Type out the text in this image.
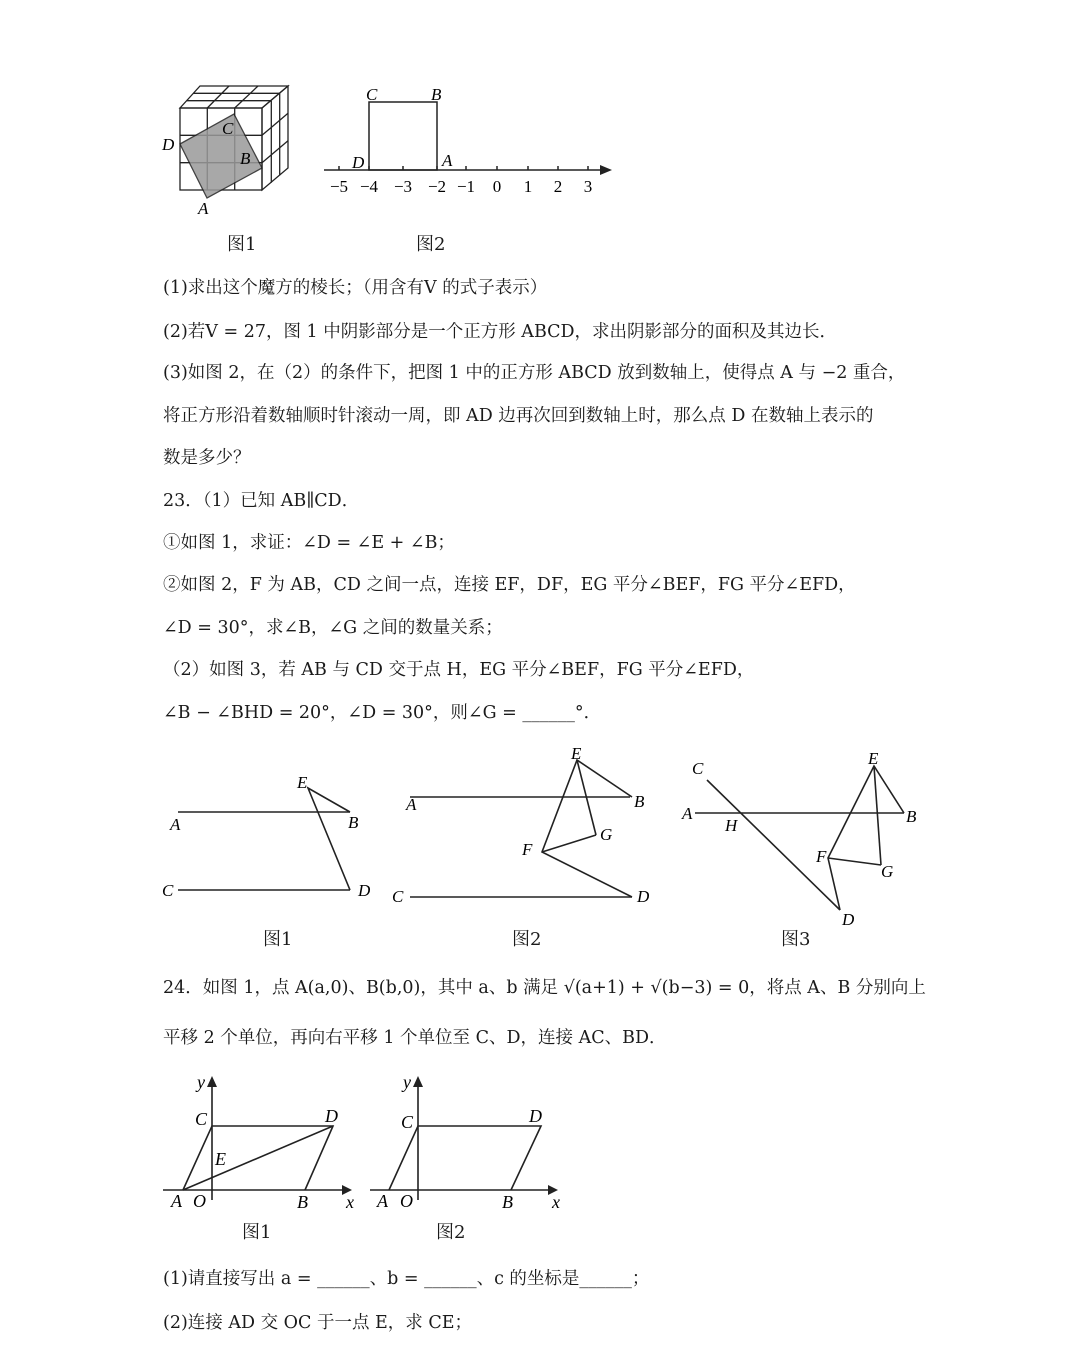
D
C
B
A
C	B
D	A
−5 −4 −3 −2 −1 0 1 2 3
图1	图2
(1)求出这个魔方的棱长；（用含有V 的式子表示）
(2)若V = 27，图 1 中阴影部分是一个正方形 ABCD，求出阴影部分的面积及其边长．
(3)如图 2，在（2）的条件下，把图 1 中的正方形 ABCD 放到数轴上，使得点 A 与 −2 重合，
将正方形沿着数轴顺时针滚动一周，即 AD 边再次回到数轴上时，那么点 D 在数轴上表示的
数是多少？
23．（1）已知 AB∥CD．
①如图 1，求证：∠D = ∠E + ∠B；
②如图 2，F 为 AB，CD 之间一点，连接 EF，DF，EG 平分∠BEF，FG 平分∠EFD，
∠D = 30°，求∠B，∠G 之间的数量关系；
（2）如图 3，若 AB 与 CD 交于点 H，EG 平分∠BEF，FG 平分∠EFD，
∠B − ∠BHD = 20°，∠D = 30°，则∠G = ______°．
E
A	B
C	D
A
E
B
G
F
C	D
C
A
H
E
B
F
G
D
图1	图2	图3
24．如图 1，点 A(a,0)、B(b,0)，其中 a、b 满足 √(a+1) + √(b−3) = 0，将点 A、B 分别向上
平移 2 个单位，再向右平移 1 个单位至 C、D，连接 AC、BD．
y
C	D
E
A O	B x
y
C	D
A O	B x
图1	图2
(1)请直接写出 a = ______、b = ______、c 的坐标是______；
(2)连接 AD 交 OC 于一点 E，求 CE；
